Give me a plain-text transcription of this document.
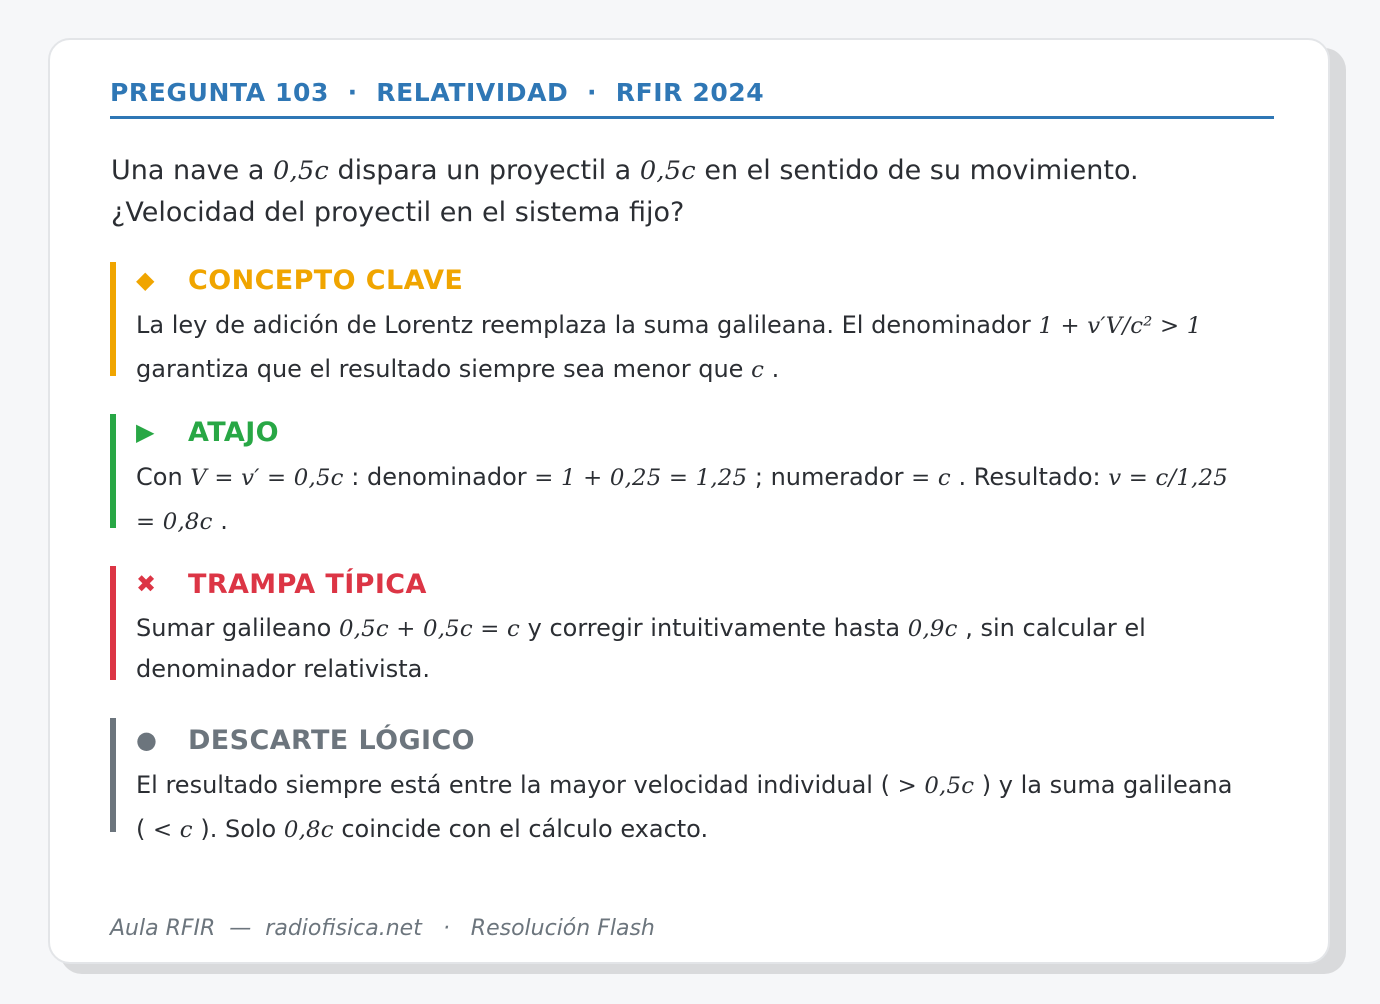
PREGUNTA 103 · RELATIVIDAD · RFIR 2024
Una nave a 0,5c dispara un proyectil a 0,5c en el sentido de su movimiento. ¿Velocidad del proyectil en el sistema fijo?
◆	CONCEPTO CLAVE
La ley de adición de Lorentz reemplaza la suma galileana. El denominador 1 + v′V/c² > 1 garantiza que el resultado siempre sea menor que c .
▶	ATAJO
Con V = v′ = 0,5c : denominador = 1 + 0,25 = 1,25 ; numerador = c . Resultado: v = c/1,25 = 0,8c .
✖	TRAMPA TÍPICA
Sumar galileano 0,5c + 0,5c = c y corregir intuitivamente hasta 0,9c , sin calcular el denominador relativista.
●	DESCARTE LÓGICO
El resultado siempre está entre la mayor velocidad individual ( > 0,5c ) y la suma galileana ( < c ). Solo 0,8c coincide con el cálculo exacto.
Aula RFIR — radiofisica.net · Resolución Flash
